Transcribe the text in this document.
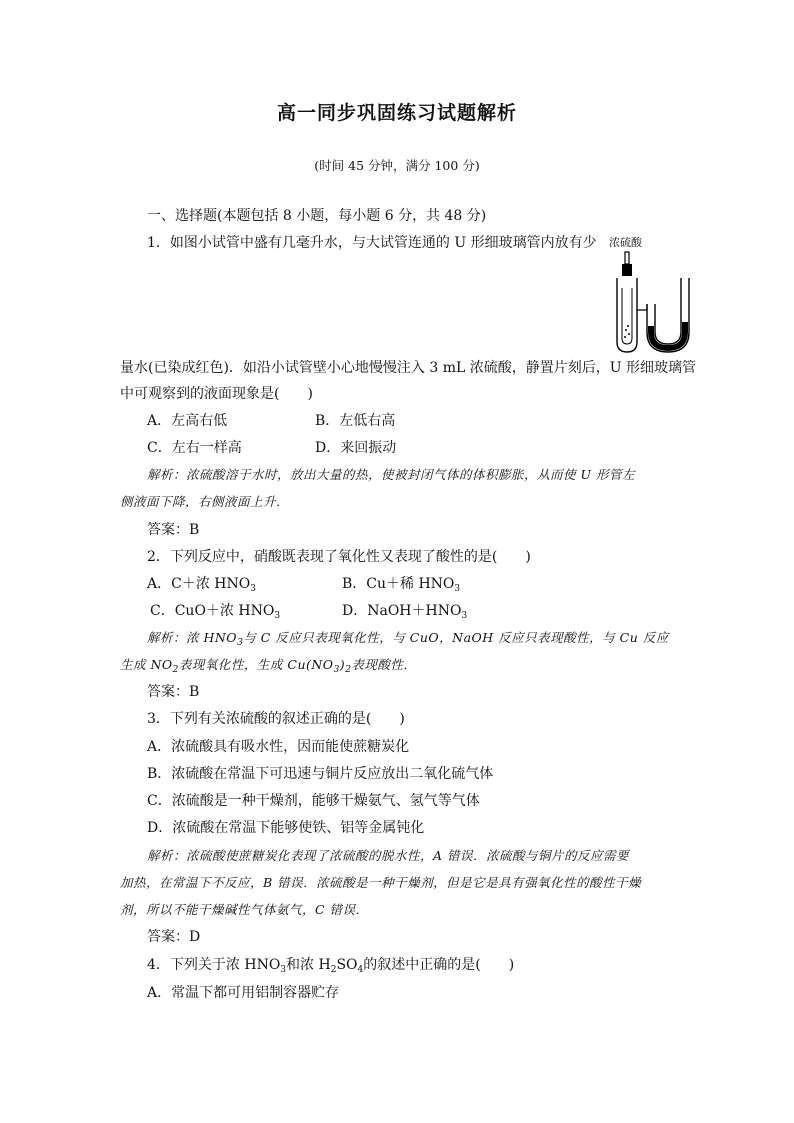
高一同步巩固练习试题解析
(时间 45 分钟，满分 100 分)
一、选择题(本题包括 8 小题，每小题 6 分，共 48 分)
1．如图小试管中盛有几毫升水，与大试管连通的 U 形细玻璃管内放有少 浓硫酸
量水(已染成红色)．如沿小试管壁小心地慢慢注入 3 mL 浓硫酸，静置片刻后，U 形细玻璃管
中可观察到的液面现象是(　　)
A．左高右低	B．左低右高
C．左右一样高	D．来回振动
解析：浓硫酸溶于水时，放出大量的热，使被封闭气体的体积膨胀，从而使 U 形管左
侧液面下降，右侧液面上升．
答案：B
2．下列反应中，硝酸既表现了氧化性又表现了酸性的是(　　)
A．C＋浓 $HNO_3$	B．Cu＋稀 $HNO_3$
C．CuO＋浓 $HNO_3$	D．$NaOH+HNO_3$
解析：浓 $HNO_3$与 C 反应只表现氧化性，与 CuO，NaOH 反应只表现酸性，与 Cu 反应
生成 $NO_2$表现氧化性，生成 $Cu(NO_3)_2$表现酸性．
答案：B
3．下列有关浓硫酸的叙述正确的是(　　)
A．浓硫酸具有吸水性，因而能使蔗糖炭化
B．浓硫酸在常温下可迅速与铜片反应放出二氧化硫气体
C．浓硫酸是一种干燥剂，能够干燥氨气、氢气等气体
D．浓硫酸在常温下能够使铁、铝等金属钝化
解析：浓硫酸使蔗糖炭化表现了浓硫酸的脱水性，A 错误．浓硫酸与铜片的反应需要
加热，在常温下不反应，B 错误．浓硫酸是一种干燥剂，但是它是具有强氧化性的酸性干燥
剂，所以不能干燥碱性气体氨气，C 错误．
答案：D
4．下列关于浓 $HNO_3$和浓 $H_2SO_4$的叙述中正确的是(　　)
A．常温下都可用铝制容器贮存
